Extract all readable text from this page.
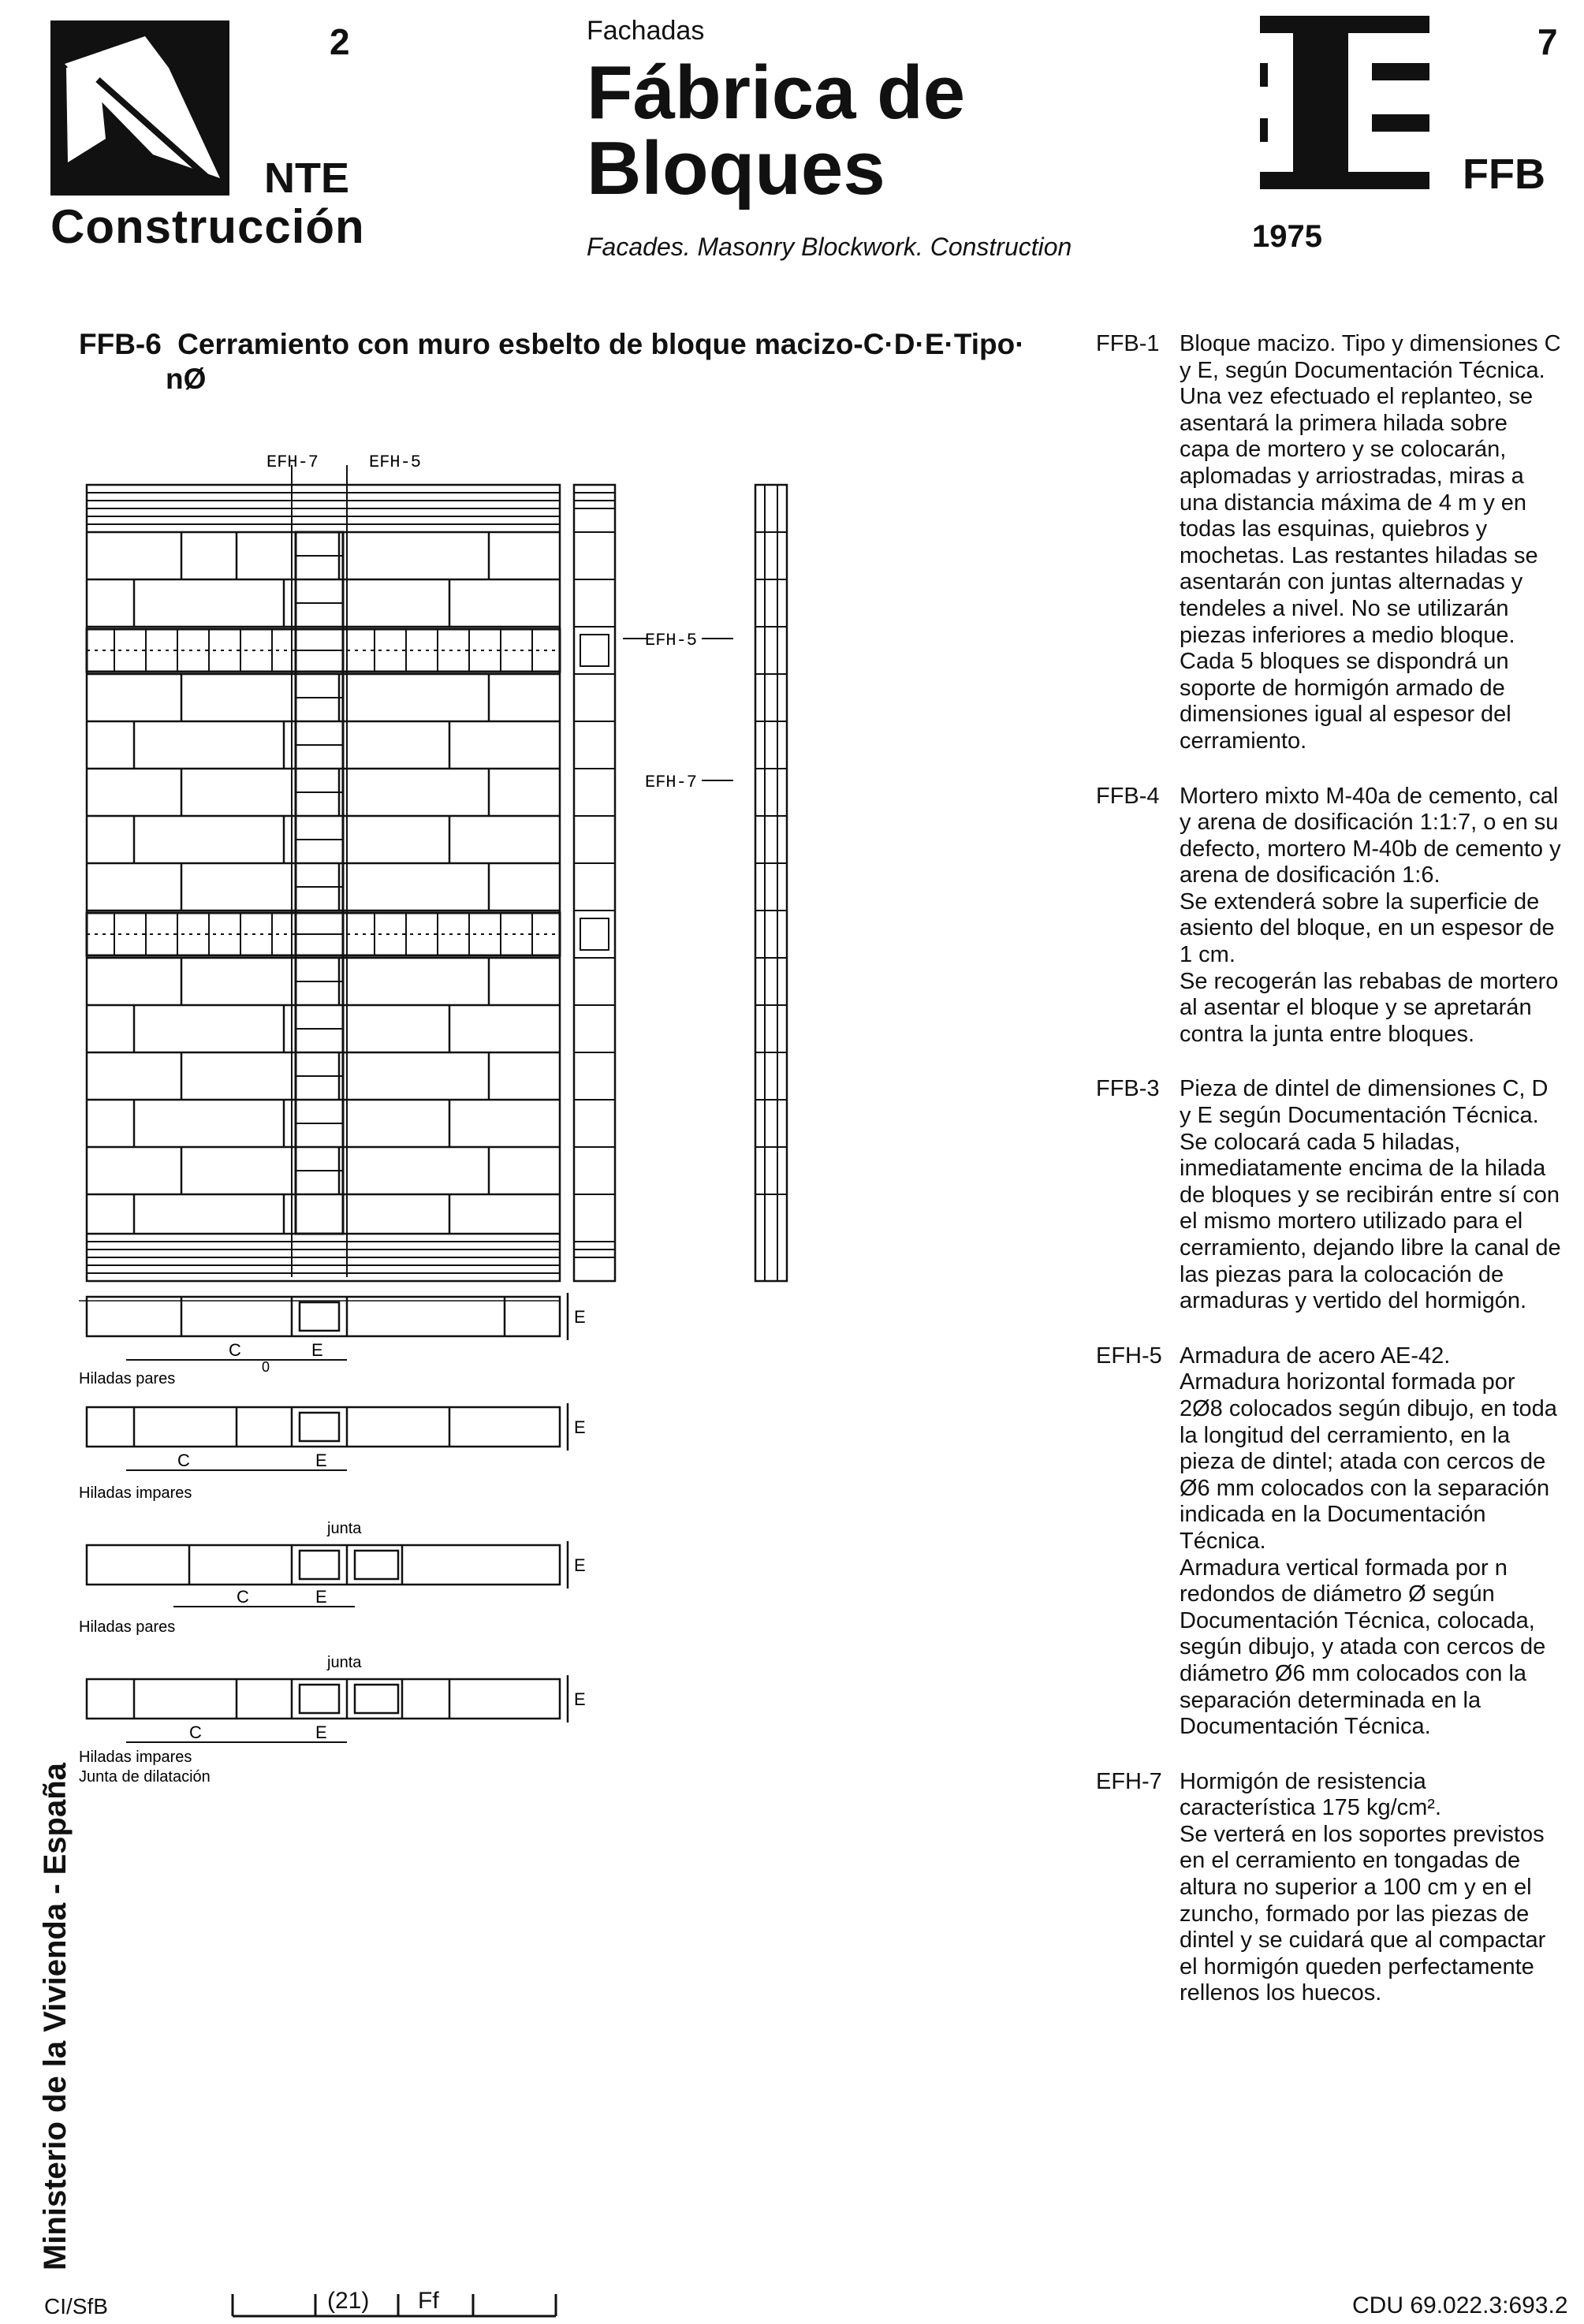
2
NTE
Construcción
Fachadas
Fábrica de
Bloques
Facades. Masonry Blockwork. Construction
7
FFB
1975
Ministerio de la Vivienda - España
FFB-6 Cerramiento con muro esbelto de bloque macizo-C·D·E·Tipo·
nØ
EFH-7	EFH-5
EFH-5
EFH-7
C	E
0
E
Hiladas pares
C	E
E
Hiladas impares
junta
C	E
E
Hiladas pares
junta
C	E
E
Hiladas impares
Junta de dilatación
FFB-1 Bloque macizo. Tipo y dimensiones C y E, según Documentación Técnica.

Una vez efectuado el replanteo, se asentará la primera hilada sobre capa de mortero y se colocarán, aplomadas y arriostradas, miras a una distancia máxima de 4 m y en todas las esquinas, quiebros y mochetas. Las restantes hiladas se asentarán con juntas alternadas y tendeles a nivel. No se utilizarán piezas inferiores a medio bloque. Cada 5 bloques se dispondrá un soporte de hormigón armado de dimensiones igual al espesor del cerramiento.

FFB-4 Mortero mixto M-40a de cemento, cal y arena de dosificación 1:1:7, o en su defecto, mortero M-40b de cemento y arena de dosificación 1:6.

Se extenderá sobre la superficie de asiento del bloque, en un espesor de 1 cm.

Se recogerán las rebabas de mortero al asentar el bloque y se apretarán contra la junta entre bloques.

FFB-3 Pieza de dintel de dimensiones C, D y E según Documentación Técnica.

Se colocará cada 5 hiladas, inmediatamente encima de la hilada de bloques y se recibirán entre sí con el mismo mortero utilizado para el cerramiento, dejando libre la canal de las piezas para la colocación de armaduras y vertido del hormigón.

EFH-5 Armadura de acero AE-42.

Armadura horizontal formada por 2Ø8 colocados según dibujo, en toda la longitud del cerramiento, en la pieza de dintel; atada con cercos de Ø6 mm colocados con la separación indicada en la Documentación Técnica.

Armadura vertical formada por n redondos de diámetro Ø según Documentación Técnica, colocada, según dibujo, y atada con cercos de diámetro Ø6 mm colocados con la separación determinada en la Documentación Técnica.

EFH-7 Hormigón de resistencia característica 175 kg/cm².

Se verterá en los soportes previstos en el cerramiento en tongadas de altura no superior a 100 cm y en el zuncho, formado por las piezas de dintel y se cuidará que al compactar el hormigón queden perfectamente rellenos los huecos.

CI/SfB	(21) Ff	CDU 69.022.3:693.2
